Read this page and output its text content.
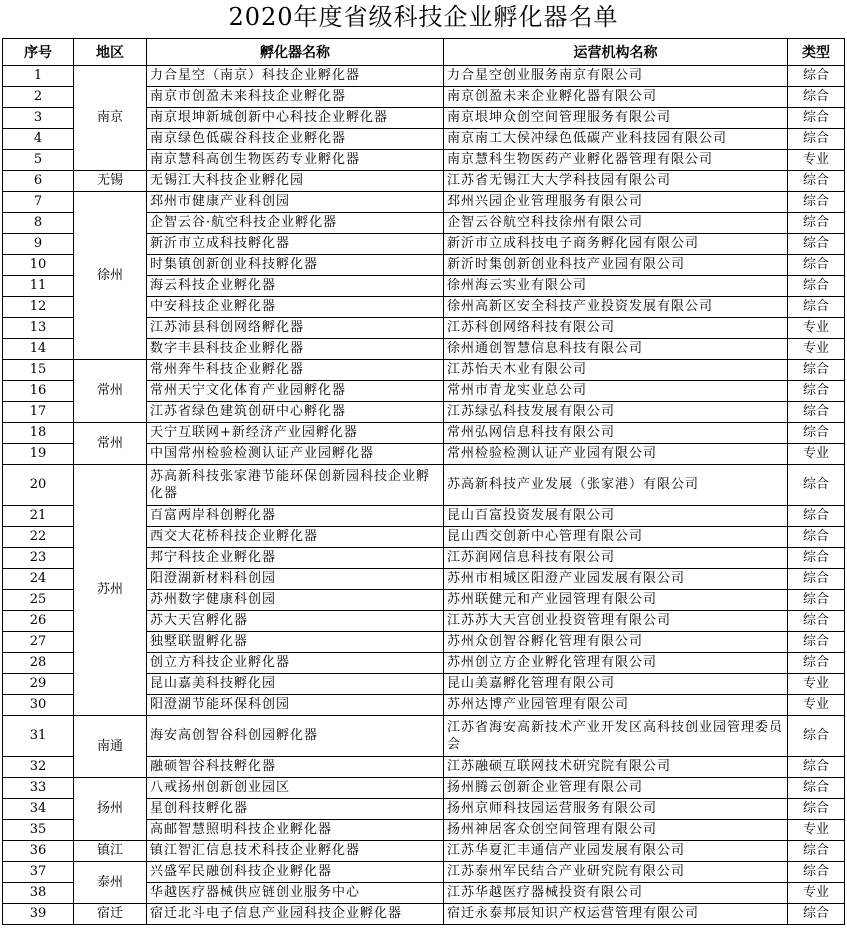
2020年度省级科技企业孵化器名单
序号	地区	孵化器名称	运营机构名称	类型
1	南京	力合星空（南京）科技企业孵化器	力合星空创业服务南京有限公司	综合
2		南京市创盈未来科技企业孵化器	南京创盈未来企业孵化器有限公司	综合
3		南京垠坤新城创新中心科技企业孵化器	南京垠坤众创空间管理服务有限公司	综合
4		南京绿色低碳谷科技企业孵化器	南京南工大侯冲绿色低碳产业科技园有限公司	综合
5		南京慧科高创生物医药专业孵化器	南京慧科生物医药产业孵化器管理有限公司	专业
6	无锡	无锡江大科技企业孵化园	江苏省无锡江大大学科技园有限公司	综合
7	徐州	邳州市健康产业科创园	邳州兴园企业管理服务有限公司	综合
8		企智云谷·航空科技企业孵化器	企智云谷航空科技徐州有限公司	综合
9		新沂市立成科技孵化器	新沂市立成科技电子商务孵化园有限公司	综合
10		时集镇创新创业科技孵化器	新沂时集创新创业科技产业园有限公司	综合
11		海云科技企业孵化器	徐州海云实业有限公司	综合
12		中安科技企业孵化器	徐州高新区安全科技产业投资发展有限公司	综合
13		江苏沛县科创网络孵化器	江苏科创网络科技有限公司	专业
14		数字丰县科技企业孵化器	徐州通创智慧信息科技有限公司	专业
15	常州	常州奔牛科技企业孵化器	江苏怡天木业有限公司	综合
16		常州天宁文化体育产业园孵化器	常州市青龙实业总公司	综合
17		江苏省绿色建筑创研中心孵化器	江苏绿弘科技发展有限公司	综合
18	常州	天宁互联网+新经济产业园孵化器	常州弘网信息科技有限公司	综合
19		中国常州检验检测认证产业园孵化器	常州检验检测认证产业园有限公司	专业
20	苏州	苏高新科技张家港节能环保创新园科技企业孵化器	苏高新科技产业发展（张家港）有限公司	综合
21		百富两岸科创孵化器	昆山百富投资发展有限公司	综合
22		西交大花桥科技企业孵化器	昆山西交创新中心管理有限公司	综合
23		邦宁科技企业孵化器	江苏润网信息科技有限公司	综合
24		阳澄湖新材料科创园	苏州市相城区阳澄产业园发展有限公司	综合
25		苏州数字健康科创园	苏州联健元和产业园管理有限公司	综合
26		苏大天宫孵化器	江苏苏大天宫创业投资管理有限公司	综合
27		独墅联盟孵化器	苏州众创智谷孵化管理有限公司	综合
28		创立方科技企业孵化器	苏州创立方企业孵化管理有限公司	综合
29		昆山嘉美科技孵化园	昆山美嘉孵化管理有限公司	专业
30		阳澄湖节能环保科创园	苏州达博产业园管理有限公司	专业
31	南通	海安高创智谷科创园孵化器	江苏省海安高新技术产业开发区高科技创业园管理委员会	综合
32		融硕智谷科技孵化器	江苏融硕互联网技术研究院有限公司	综合
33	扬州	八戒扬州创新创业园区	扬州腾云创新企业管理有限公司	综合
34		星创科技孵化器	扬州京师科技园运营服务有限公司	综合
35		高邮智慧照明科技企业孵化器	扬州神居客众创空间管理有限公司	专业
36	镇江	镇江智汇信息技术科技企业孵化器	江苏华夏汇丰通信产业园发展有限公司	综合
37	泰州	兴盛军民融创科技企业孵化器	江苏泰州军民结合产业研究院有限公司	综合
38		华越医疗器械供应链创业服务中心	江苏华越医疗器械投资有限公司	专业
39	宿迁	宿迁北斗电子信息产业园科技企业孵化器	宿迁永泰邦辰知识产权运营管理有限公司	综合
